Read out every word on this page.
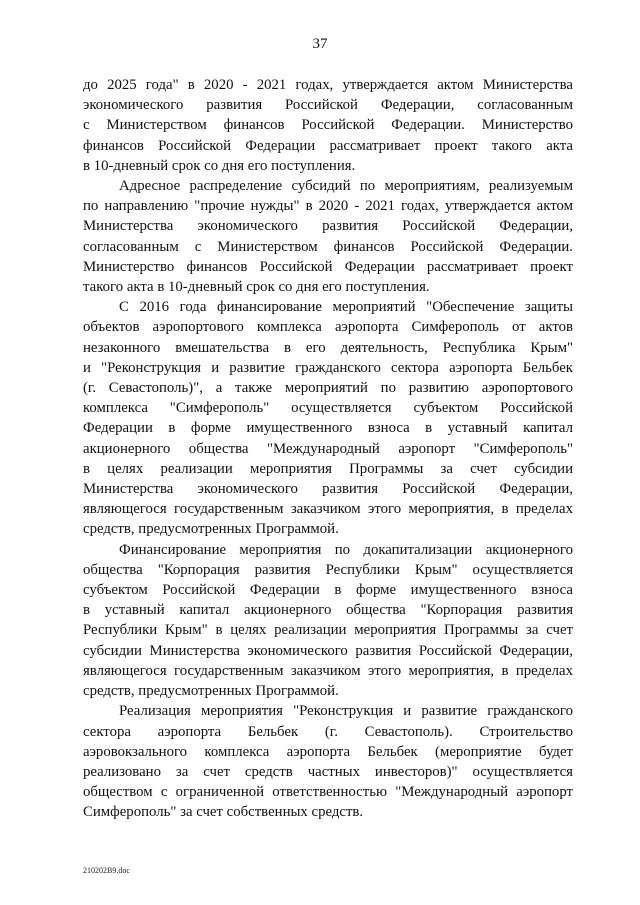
37

до 2025 года" в 2020 - 2021 годах, утверждается актом Министерства
экономического развития Российской Федерации, согласованным
с Министерством финансов Российской Федерации. Министерство
финансов Российской Федерации рассматривает проект такого акта
в 10-дневный срок со дня его поступления.

Адресное распределение субсидий по мероприятиям, реализуемым
по направлению "прочие нужды" в 2020 - 2021 годах, утверждается актом
Министерства экономического развития Российской Федерации,
согласованным с Министерством финансов Российской Федерации.
Министерство финансов Российской Федерации рассматривает проект
такого акта в 10-дневный срок со дня его поступления.

С 2016 года финансирование мероприятий "Обеспечение защиты
объектов аэропортового комплекса аэропорта Симферополь от актов
незаконного вмешательства в его деятельность, Республика Крым"
и "Реконструкция и развитие гражданского сектора аэропорта Бельбек
(г. Севастополь)", а также мероприятий по развитию аэропортового
комплекса "Симферополь" осуществляется субъектом Российской
Федерации в форме имущественного взноса в уставный капитал
акционерного общества "Международный аэропорт "Симферополь"
в целях реализации мероприятия Программы за счет субсидии
Министерства экономического развития Российской Федерации,
являющегося государственным заказчиком этого мероприятия, в пределах
средств, предусмотренных Программой.

Финансирование мероприятия по докапитализации акционерного
общества "Корпорация развития Республики Крым" осуществляется
субъектом Российской Федерации в форме имущественного взноса
в уставный капитал акционерного общества "Корпорация развития
Республики Крым" в целях реализации мероприятия Программы за счет
субсидии Министерства экономического развития Российской Федерации,
являющегося государственным заказчиком этого мероприятия, в пределах
средств, предусмотренных Программой.

Реализация мероприятия "Реконструкция и развитие гражданского
сектора аэропорта Бельбек (г. Севастополь). Строительство
аэровокзального комплекса аэропорта Бельбек (мероприятие будет
реализовано за счет средств частных инвесторов)" осуществляется
обществом с ограниченной ответственностью "Международный аэропорт
Симферополь" за счет собственных средств.

210202B9.doc
